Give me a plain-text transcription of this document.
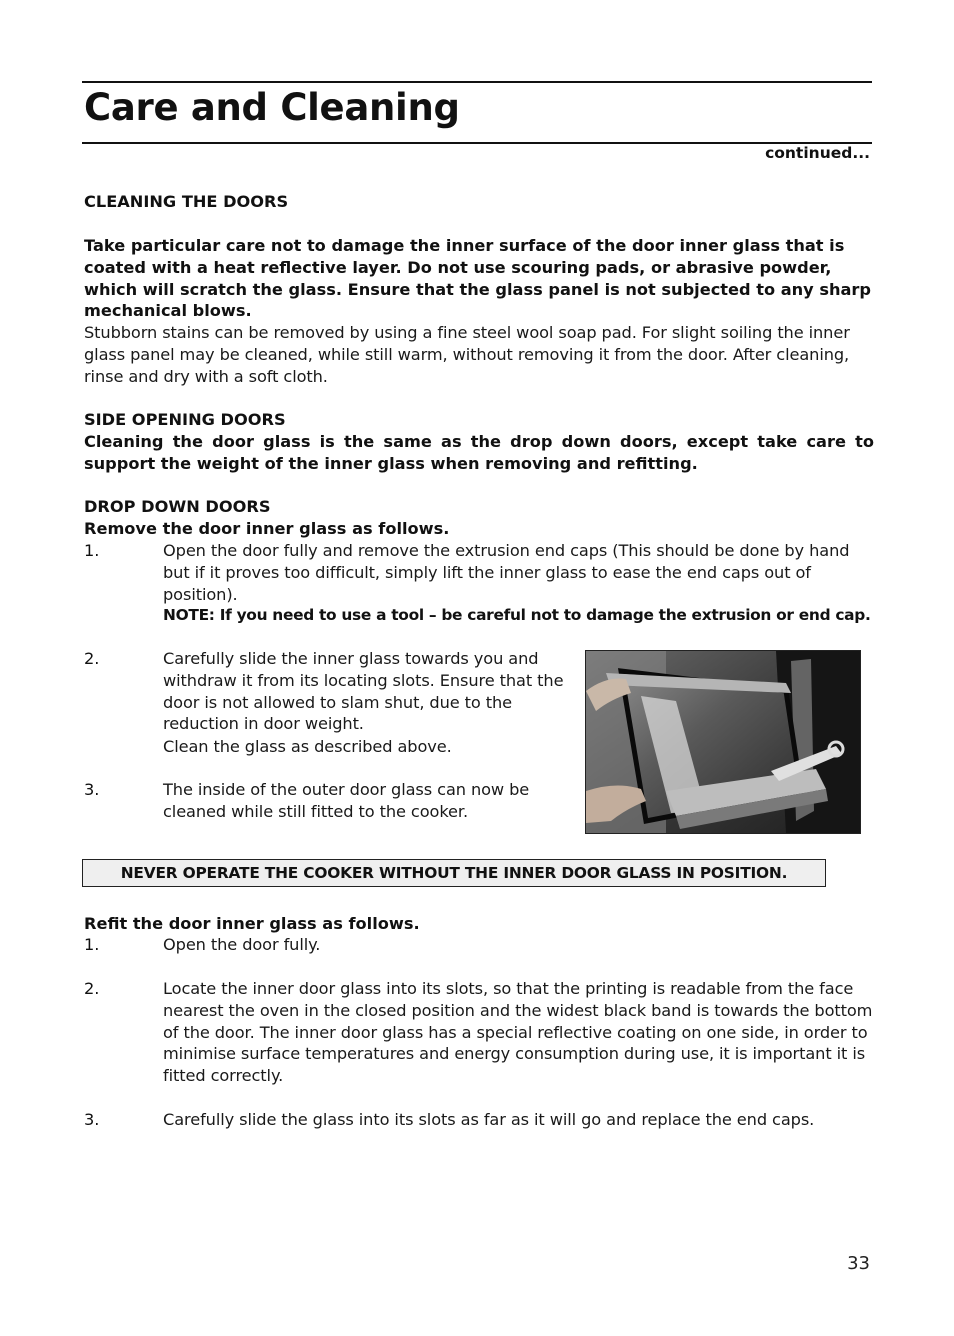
Care and Cleaning
continued...

CLEANING THE DOORS

Take particular care not to damage the inner surface of the door inner glass that is coated with a heat reflective layer. Do not use scouring pads, or abrasive powder, which will scratch the glass. Ensure that the glass panel is not subjected to any sharp mechanical blows.

Stubborn stains can be removed by using a fine steel wool soap pad. For slight soiling the inner glass panel may be cleaned, while still warm, without removing it from the door. After cleaning, rinse and dry with a soft cloth.

SIDE OPENING DOORS

Cleaning the door glass is the same as the drop down doors, except take care to support the weight of the inner glass when removing and refitting.

DROP DOWN DOORS

Remove the door inner glass as follows.

1.	Open the door fully and remove the extrusion end caps (This should be done by hand but if it proves too difficult, simply lift the inner glass to ease the end caps out of position).
NOTE: If you need to use a tool – be careful not to damage the extrusion or end cap.
2.	Carefully slide the inner glass towards you and withdraw it from its locating slots. Ensure that the door is not allowed to slam shut, due to the reduction in door weight.
Clean the glass as described above.
3.	The inside of the outer door glass can now be cleaned while still fitted to the cooker.
NEVER OPERATE THE COOKER WITHOUT THE INNER DOOR GLASS IN POSITION.

Refit the door inner glass as follows.

1.	Open the door fully.
2.	Locate the inner door glass into its slots, so that the printing is readable from the face nearest the oven in the closed position and the widest black band is towards the bottom of the door. The inner door glass has a special reflective coating on one side, in order to minimise surface temperatures and energy consumption during use, it is important it is fitted correctly.
3.	Carefully slide the glass into its slots as far as it will go and replace the end caps.
33
